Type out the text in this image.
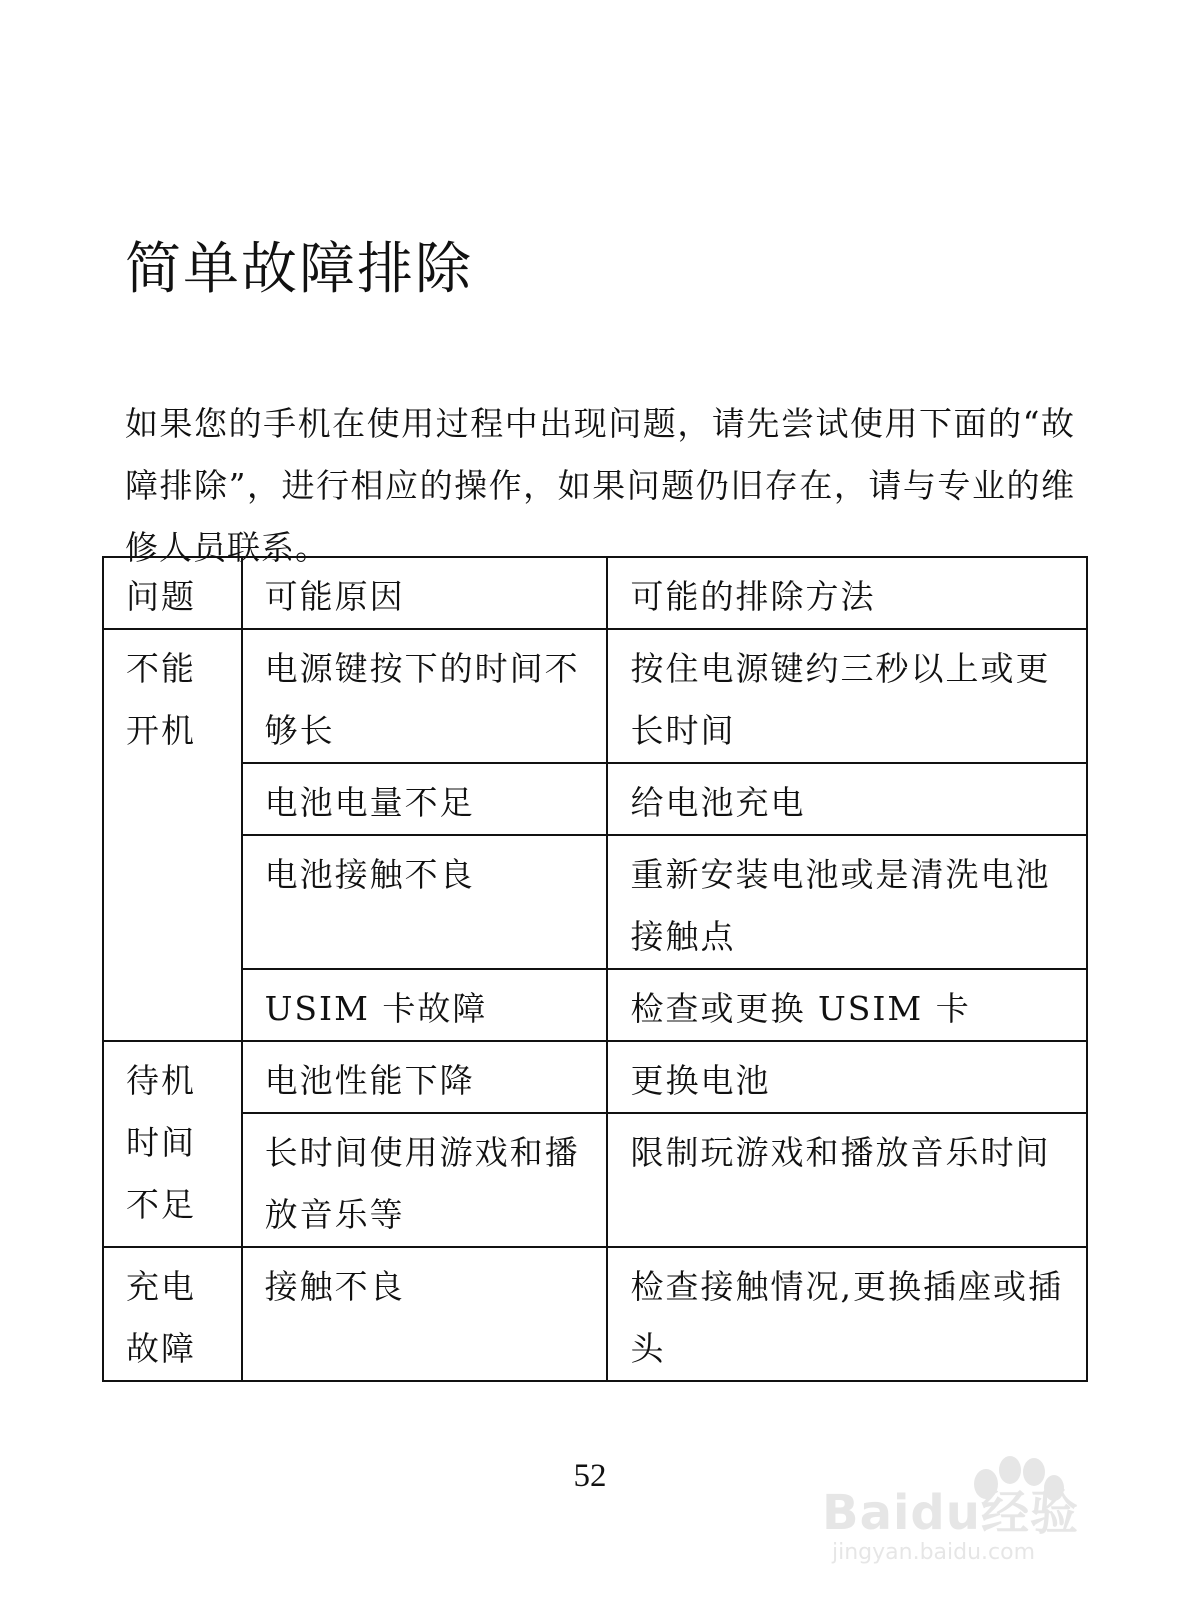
简单故障排除

如果您的手机在使用过程中出现问题，请先尝试使用下面的“故障排除”，进行相应的操作，如果问题仍旧存在，请与专业的维修人员联系。

问题	可能原因	可能的排除方法
不能开机	电源键按下的时间不够长	按住电源键约三秒以上或更长时间
	电池电量不足	给电池充电
	电池接触不良	重新安装电池或是清洗电池接触点
	USIM 卡故障	检查或更换 USIM 卡
待机时间不足	电池性能下降	更换电池
	长时间使用游戏和播放音乐等	限制玩游戏和播放音乐时间
充电故障	接触不良	检查接触情况,更换插座或插头
52
Baidu经验
jingyan.baidu.com
